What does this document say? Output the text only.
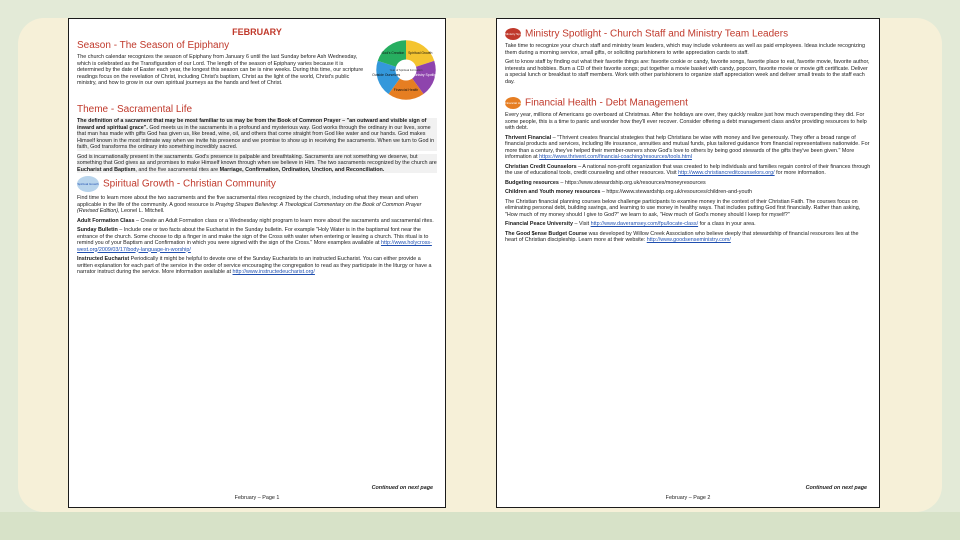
FEBRUARY
Season - The Season of Epiphany

The church calendar recognizes the season of Epiphany from January 6 until the last Sunday before Ash Wednesday, which is celebrated as the Transfiguration of our Lord. The length of the season of Epiphany varies because it is determined by the date of Easter each year, the longest this season can be is nine weeks. During this time, our scripture readings focus on the revelation of Christ, including Christ's baptism, Christ as the light of the world, Christ's public ministry, and how to grow in our own spiritual journeys as the hands and feet of Christ.

God's Creation Spiritual Growth
Ministry Spotlight
Financial Health
Outside Ourselves
Year of Spiritual Formation
Theme - Sacramental Life

The definition of a sacrament that may be most familiar to us may be from the Book of Common Prayer – "an outward and visible sign of inward and spiritual grace". God meets us in the sacraments in a profound and mysterious way. God works through the ordinary in our lives, some that man has made with gifts God has given us, like bread, wine, oil, and others that come straight from God like water and our hands. God makes Himself known in the most intimate way when we invite his presence and we promise to show up in receiving the sacraments. When we turn to God in faith, God transforms the ordinary into something incredibly sacred.

God is incarnationally present in the sacraments. God's presence is palpable and breathtaking. Sacraments are not something we deserve, but something that God gives as and promises to make Himself known through when we believe in Him. The two sacraments recognized by the church are Eucharist and Baptism, and the five sacramental rites are Marriage, Confirmation, Ordination, Unction, and Reconciliation.

Spiritual Growth Spiritual Growth - Christian Community

Find time to learn more about the two sacraments and the five sacramental rites recognized by the church, including what they mean and when applicable in the life of the community. A good resource is Praying Shapes Believing: A Theological Commentary on the Book of Common Prayer (Revised Edition), Leonel L. Mitchell.

Adult Formation Class – Create an Adult Formation class or a Wednesday night program to learn more about the sacraments and sacramental rites.

Sunday Bulletin – Include one or two facts about the Eucharist in the Sunday bulletin. For example "Holy Water is in the baptismal font near the entrance of the church. Some choose to dip a finger in and make the sign of the Cross with water when entering or leaving a church. This ritual is to remind you of your Baptism and Confirmation in which you were signed with the sign of the Cross." More examples available at http://www.holycross-west.org/2009/03/17/body-language-in-worship/

Instructed Eucharist Periodically it might be helpful to devote one of the Sunday Eucharists to an instructed Eucharist. You can either provide a written explanation for each part of the service in the order of service encouraging the congregation to read as they participate in the liturgy or have a narrator instruct during the service. More information available at http://www.instructedeucharist.org/

Continued on next page
February – Page 1
Ministry SpotlightMinistry Spotlight - Church Staff and Ministry Team Leaders

Take time to recognize your church staff and ministry team leaders, which may include volunteers as well as paid employees. Ideas include recognizing them during a morning service, small gifts, or soliciting parishioners to write appreciation cards to staff.

Get to know staff by finding out what their favorite things are: favorite cookie or candy, favorite songs, favorite place to eat, favorite movie, favorite author, interests and hobbies. Burn a CD of their favorite songs; put together a movie basket with candy, popcorn, favorite movie or movie gift certificate. Deliver a special lunch or breakfast to staff members. Work with other parishioners to organize staff appreciation week and deliver small treats to the staff each day.

Financial HealthFinancial Health - Debt Management

Every year, millions of Americans go overboard at Christmas. After the holidays are over, they quickly realize just how much overspending they did. For some people, this is a time to panic and wonder how they'll ever recover. Consider offering a debt management class and/or providing resources to help with debt.

Thrivent Financial – "Thrivent creates financial strategies that help Christians be wise with money and live generously. They offer a broad range of financial products and services, including life insurance, annuities and mutual funds, plus tailored guidance from financial representatives nationwide. For more than a century, they've helped their member-owners show God's love to others by being good stewards of the gifts they've been given." More information at https://www.thrivent.com/financial-coaching/resources/tools.html

Christian Credit Counselors – A national non-profit organization that was created to help individuals and families regain control of their finances through the use of educational tools, credit counseling and other resources. Visit http://www.christiancreditcounselors.org/ for more information.

Budgeting resources – https://www.stewardship.org.uk/resources/moneyresources

Children and Youth money resources – https://www.stewardship.org.uk/resources/children-and-youth

The Christian financial planning courses below challenge participants to examine money in the context of their Christian Faith. The courses focus on eliminating personal debt, building savings, and learning to use money in healthy ways. That includes putting God first financially. Rather than asking, "How much of my money should I give to God?" we learn to ask, "How much of God's money should I keep for myself?"

Financial Peace University – Visit http://www.daveramsey.com/fpu/locate-class/ for a class in your area.

The Good $ense Budget Course was developed by Willow Creek Association who believe deeply that stewardship of financial resources lies at the heart of Christian discipleship. Learn more at their website: http://www.goodsenseministry.com/

Continued on next page
February – Page 2
